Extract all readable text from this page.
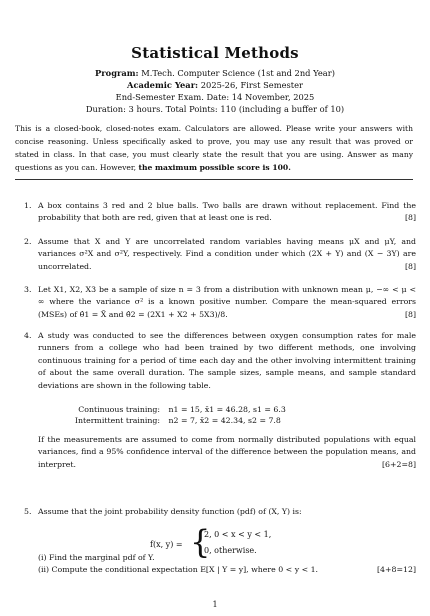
Statistical Methods
Program: M.Tech. Computer Science (1st and 2nd Year)
Academic Year: 2025-26, First Semester
End-Semester Exam. Date: 14 November, 2025
Duration: 3 hours. Total Points: 110 (including a buffer of 10)
This is a closed-book, closed-notes exam. Calculators are allowed. Please write your answers with concise reasoning. Unless specifically asked to prove, you may use any result that was proved or stated in class. In that case, you must clearly state the result that you are using. Answer as many questions as you can. However, the maximum possible score is 100.
1. A box contains 3 red and 2 blue balls. Two balls are drawn without replacement. Find the probability that both are red, given that at least one is red.	[8]
2. Assume that X and Y are uncorrelated random variables having means μX and μY, and variances σ²X and σ²Y, respectively. Find a condition under which (2X + Y) and (X − 3Y) are uncorrelated.	[8]
3. Let X1, X2, X3 be a sample of size n = 3 from a distribution with unknown mean μ, −∞ < μ < ∞ where the variance σ² is a known positive number. Compare the mean-squared errors (MSEs) of θ̂1 = X̄ and θ̂2 = (2X1 + X2 + 5X3)/8.	[8]
4. A study was conducted to see the differences between oxygen consumption rates for male runners from a college who had been trained by two different methods, one involving continuous training for a period of time each day and the other involving intermittent training of about the same overall duration. The sample sizes, sample means, and sample standard deviations are shown in the following table.
Continuous training: n1 = 15, x̄1 = 46.28, s1 = 6.3
Intermittent training: n2 = 7, x̄2 = 42.34, s2 = 7.8
If the measurements are assumed to come from normally distributed populations with equal variances, find a 95% confidence interval of the difference between the population means, and interpret.	[6+2=8]
5. Assume that the joint probability density function (pdf) of (X, Y) is:
f(x, y) = {
2, 0 < x < y < 1,
0, otherwise.
(i) Find the marginal pdf of Y.
(ii) Compute the conditional expectation E[X | Y = y], where 0 < y < 1.	[4+8=12]
1
